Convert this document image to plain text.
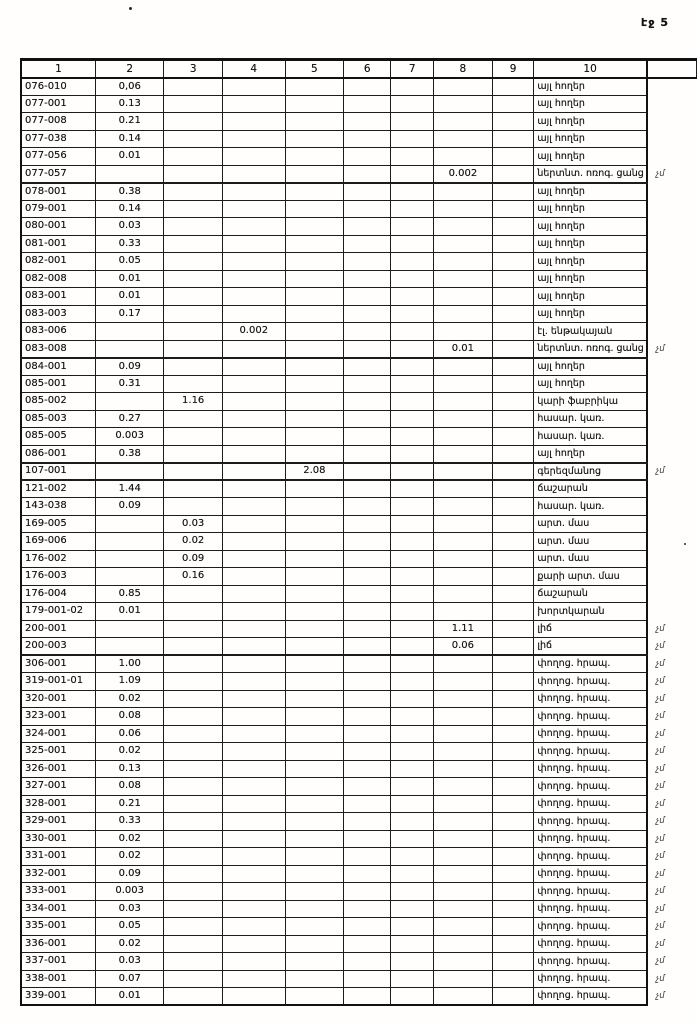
էջ 5
1	2	3	4	5	6	7	8	9	10	
076-010	0,06								այլ հողեր	
077-001	0.13								այլ հողեր	
077-008	0.21								այլ հողեր	
077-038	0.14								այլ հողեր	
077-056	0.01								այլ հողեր	
077-057							0.002		ներտնտ. ոռոգ. ցանց	չմ
078-001	0.38								այլ հողեր	
079-001	0.14								այլ հողեր	
080-001	0.03								այլ հողեր	
081-001	0.33								այլ հողեր	
082-001	0.05								այլ հողեր	
082-008	0.01								այլ հողեր	
083-001	0.01								այլ հողեր	
083-003	0.17								այլ հողեր	
083-006			0.002						էլ. ենթակայան	
083-008							0.01		ներտնտ. ոռոգ. ցանց	չմ
084-001	0.09								այլ հողեր	
085-001	0.31								այլ հողեր	
085-002		1.16							կարի ֆաբրիկա	
085-003	0.27								հասար. կառ.	
085-005	0.003								հասար. կառ.	
086-001	0.38								այլ հողեր	
107-001				2.08					գերեզմանոց	չմ
121-002	1.44								ճաշարան	
143-038	0.09								հասար. կառ.	
169-005		0.03							արտ. մաս	
169-006		0.02							արտ. մաս	
176-002		0.09							արտ. մաս	
176-003		0.16							քարի արտ. մաս	
176-004	0.85								ճաշարան	
179-001-02	0.01								խորտկարան	
200-001							1.11		լիճ	չմ
200-003							0.06		լիճ	չմ
306-001	1.00								փողոց. հրապ.	չմ
319-001-01	1.09								փողոց. հրապ.	չմ
320-001	0.02								փողոց. հրապ.	չմ
323-001	0.08								փողոց. հրապ.	չմ
324-001	0.06								փողոց. հրապ.	չմ
325-001	0.02								փողոց. հրապ.	չմ
326-001	0.13								փողոց. հրապ.	չմ
327-001	0.08								փողոց. հրապ.	չմ
328-001	0.21								փողոց. հրապ.	չմ
329-001	0.33								փողոց. հրապ.	չմ
330-001	0.02								փողոց. հրապ.	չմ
331-001	0.02								փողոց. հրապ.	չմ
332-001	0.09								փողոց. հրապ.	չմ
333-001	0.003								փողոց. հրապ.	չմ
334-001	0.03								փողոց. հրապ.	չմ
335-001	0.05								փողոց. հրապ.	չմ
336-001	0.02								փողոց. հրապ.	չմ
337-001	0.03								փողոց. հրապ.	չմ
338-001	0.07								փողոց. հրապ.	չմ
339-001	0.01								փողոց. հրապ.	չմ
